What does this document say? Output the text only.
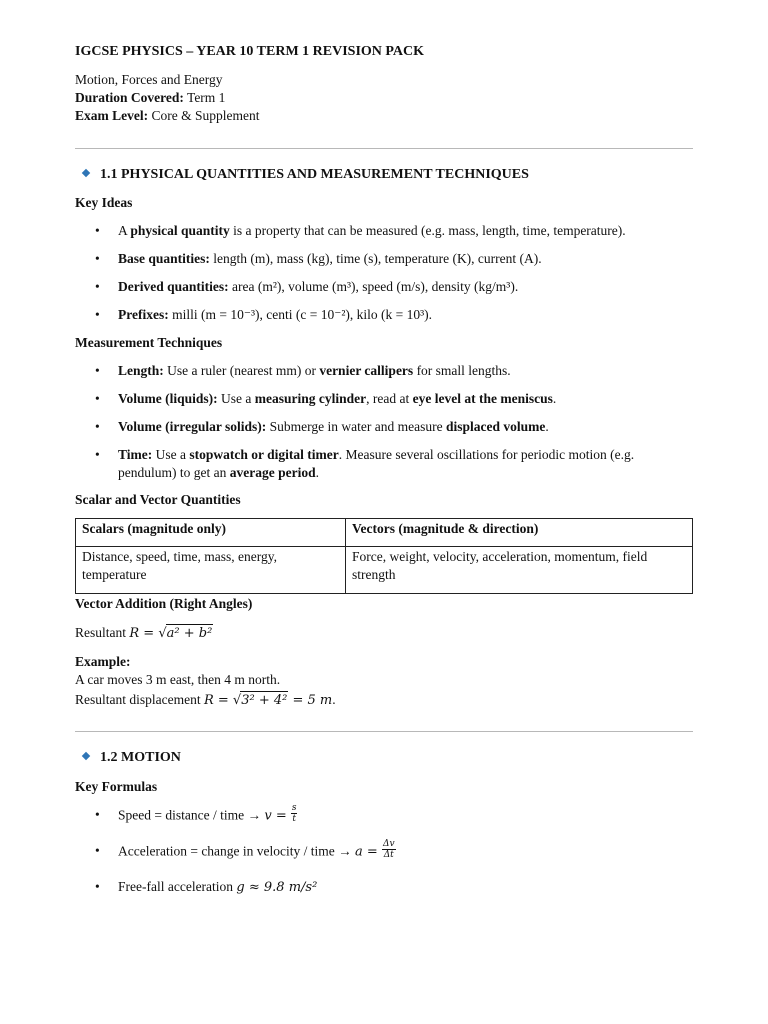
IGCSE PHYSICS – YEAR 10 TERM 1 REVISION PACK
Motion, Forces and Energy
Duration Covered: Term 1
Exam Level: Core & Supplement
1.1 PHYSICAL QUANTITIES AND MEASUREMENT TECHNIQUES
Key Ideas
• A physical quantity is a property that can be measured (e.g. mass, length, time, temperature).
• Base quantities: length (m), mass (kg), time (s), temperature (K), current (A).
• Derived quantities: area (m²), volume (m³), speed (m/s), density (kg/m³).
• Prefixes: milli (m = 10⁻³), centi (c = 10⁻²), kilo (k = 10³).
Measurement Techniques
• Length: Use a ruler (nearest mm) or vernier callipers for small lengths.
• Volume (liquids): Use a measuring cylinder, read at eye level at the meniscus.
• Volume (irregular solids): Submerge in water and measure displaced volume.
• Time: Use a stopwatch or digital timer. Measure several oscillations for periodic motion (e.g. pendulum) to get an average period.
Scalar and Vector Quantities
Scalars (magnitude only)	Vectors (magnitude & direction)
Distance, speed, time, mass, energy, temperature	Force, weight, velocity, acceleration, momentum, field strength
Vector Addition (Right Angles)
Resultant R = √a² + b²
Example:
A car moves 3 m east, then 4 m north.
Resultant displacement R = √3² + 4² = 5 m.
1.2 MOTION
Key Formulas
• Speed = distance / time → $v = \frac{s}{t}$
• Acceleration = change in velocity / time → $a = \frac{\Delta v}{\Delta t}$
• Free-fall acceleration g ≈ 9.8 m/s²
